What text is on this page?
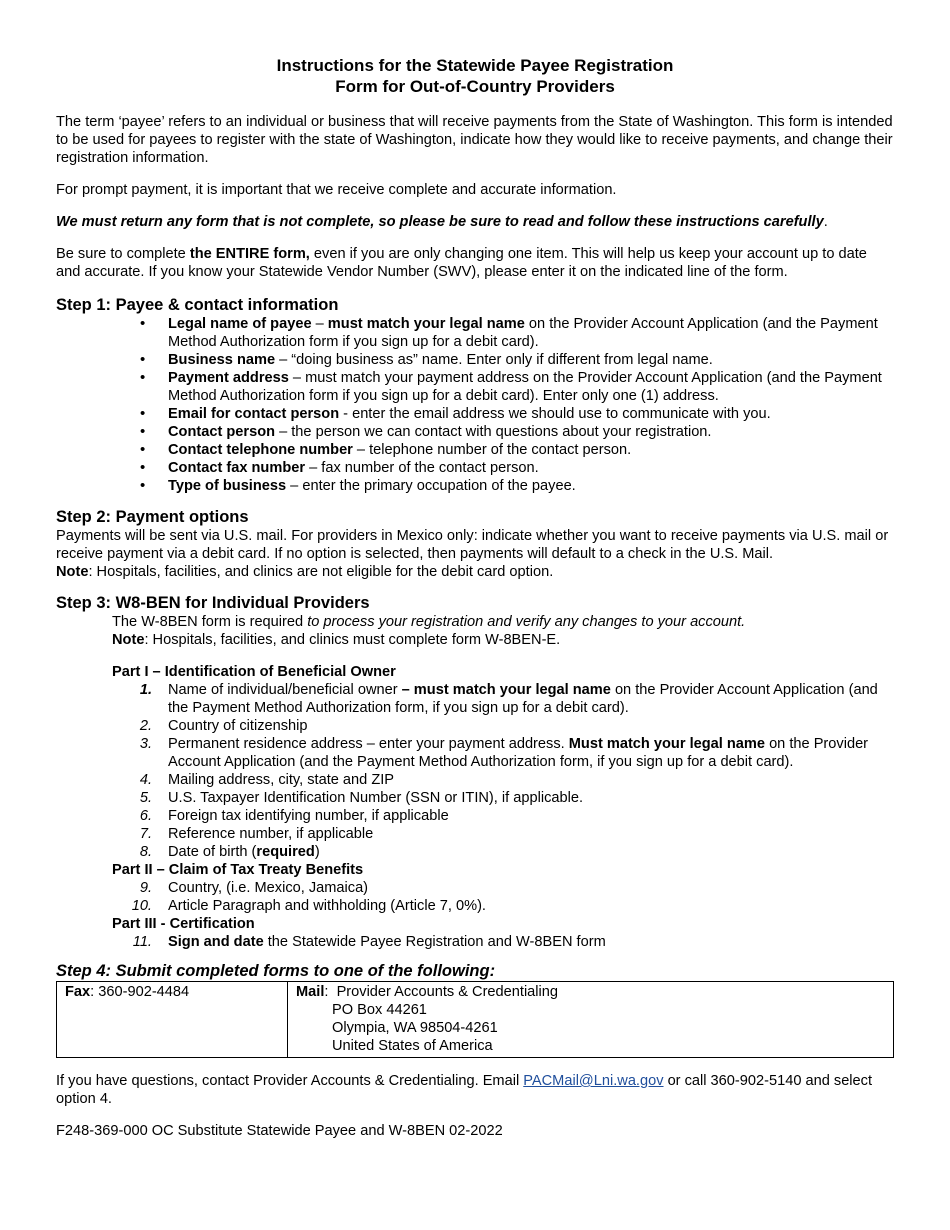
Instructions for the Statewide Payee Registration
Form for Out-of-Country Providers

The term ‘payee’ refers to an individual or business that will receive payments from the State of Washington. This form is intended to be used for payees to register with the state of Washington, indicate how they would like to receive payments, and change their registration information.

For prompt payment, it is important that we receive complete and accurate information.

We must return any form that is not complete, so please be sure to read and follow these instructions carefully.

Be sure to complete the ENTIRE form, even if you are only changing one item. This will help us keep your account up to date and accurate. If you know your Statewide Vendor Number (SWV), please enter it on the indicated line of the form.

Step 1: Payee & contact information
• Legal name of payee – must match your legal name on the Provider Account Application (and the Payment Method Authorization form if you sign up for a debit card).
• Business name – “doing business as” name. Enter only if different from legal name.
• Payment address – must match your payment address on the Provider Account Application (and the Payment Method Authorization form if you sign up for a debit card). Enter only one (1) address.
• Email for contact person - enter the email address we should use to communicate with you.
• Contact person – the person we can contact with questions about your registration.
• Contact telephone number – telephone number of the contact person.
• Contact fax number – fax number of the contact person.
• Type of business – enter the primary occupation of the payee.
Step 2: Payment options
Payments will be sent via U.S. mail. For providers in Mexico only: indicate whether you want to receive payments via U.S. mail or receive payment via a debit card. If no option is selected, then payments will default to a check in the U.S. Mail.
Note: Hospitals, facilities, and clinics are not eligible for the debit card option.
Step 3: W8-BEN for Individual Providers
The W-8BEN form is required to process your registration and verify any changes to your account.
Note: Hospitals, facilities, and clinics must complete form W-8BEN-E.
Part I – Identification of Beneficial Owner
1. Name of individual/beneficial owner – must match your legal name on the Provider Account Application (and the Payment Method Authorization form, if you sign up for a debit card).
2. Country of citizenship
3. Permanent residence address – enter your payment address. Must match your legal name on the Provider Account Application (and the Payment Method Authorization form, if you sign up for a debit card).
4. Mailing address, city, state and ZIP
5. U.S. Taxpayer Identification Number (SSN or ITIN), if applicable.
6. Foreign tax identifying number, if applicable
7. Reference number, if applicable
8. Date of birth (required)
Part II – Claim of Tax Treaty Benefits
9. Country, (i.e. Mexico, Jamaica)
10. Article Paragraph and withholding (Article 7, 0%).
Part III - Certification
11. Sign and date the Statewide Payee Registration and W-8BEN form
Step 4: Submit completed forms to one of the following:
Fax: 360-902-4484	Mail:  Provider Accounts & Credentialing
PO Box 44261
Olympia, WA 98504-4261
United States of America

If you have questions, contact Provider Accounts & Credentialing. Email PACMail@Lni.wa.gov or call 360-902-5140 and select option 4.

F248-369-000 OC Substitute Statewide Payee and W-8BEN 02-2022
